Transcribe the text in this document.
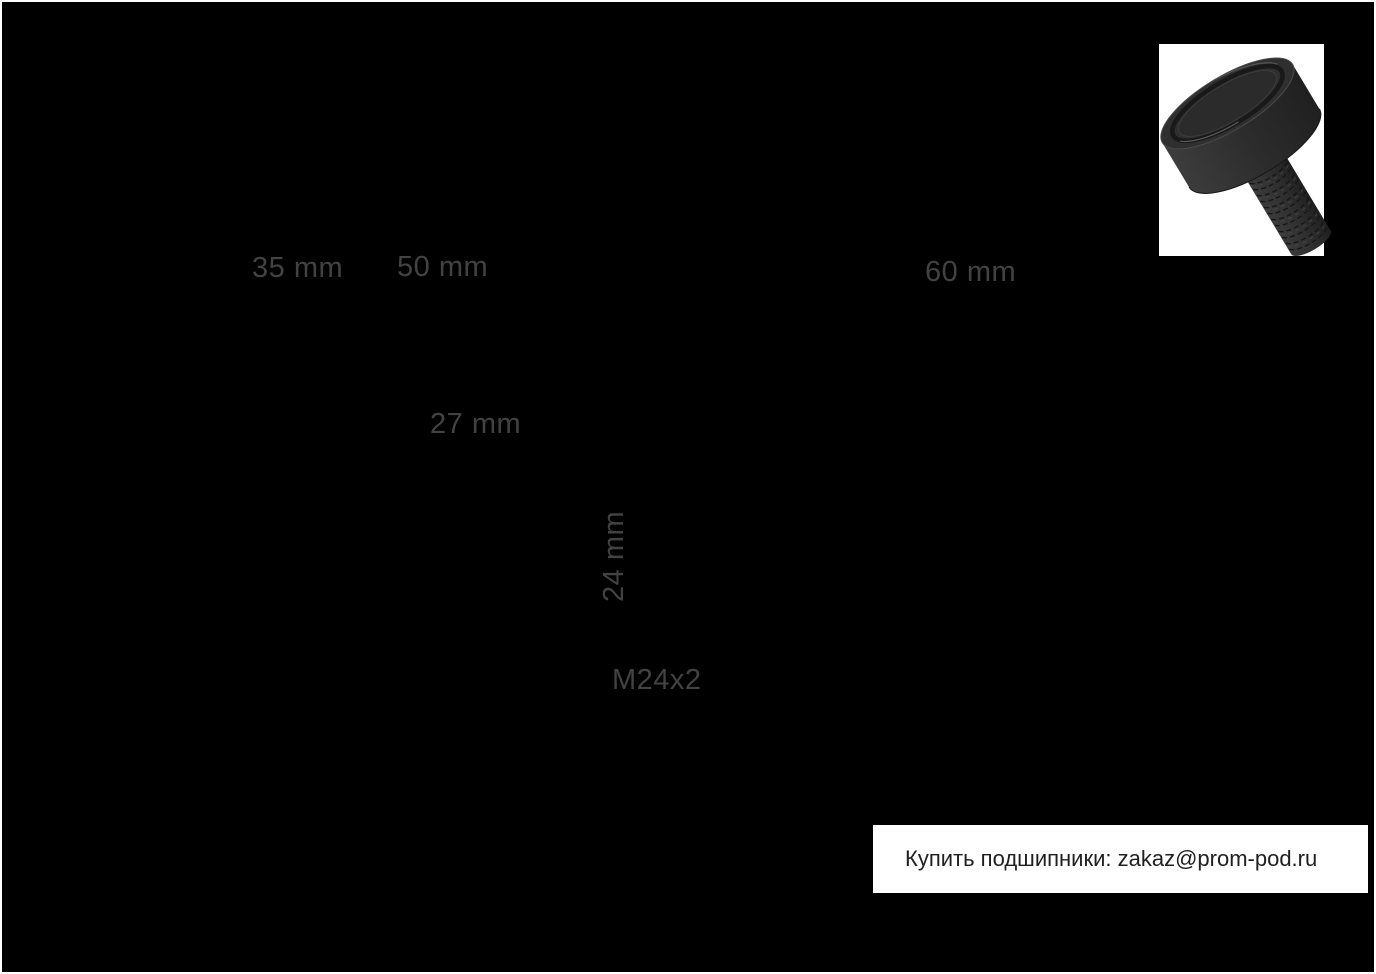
35 mm 50 mm	60 mm
27 mm
24 mm
M24x2
Купить подшипники: zakaz@prom-pod.ru
